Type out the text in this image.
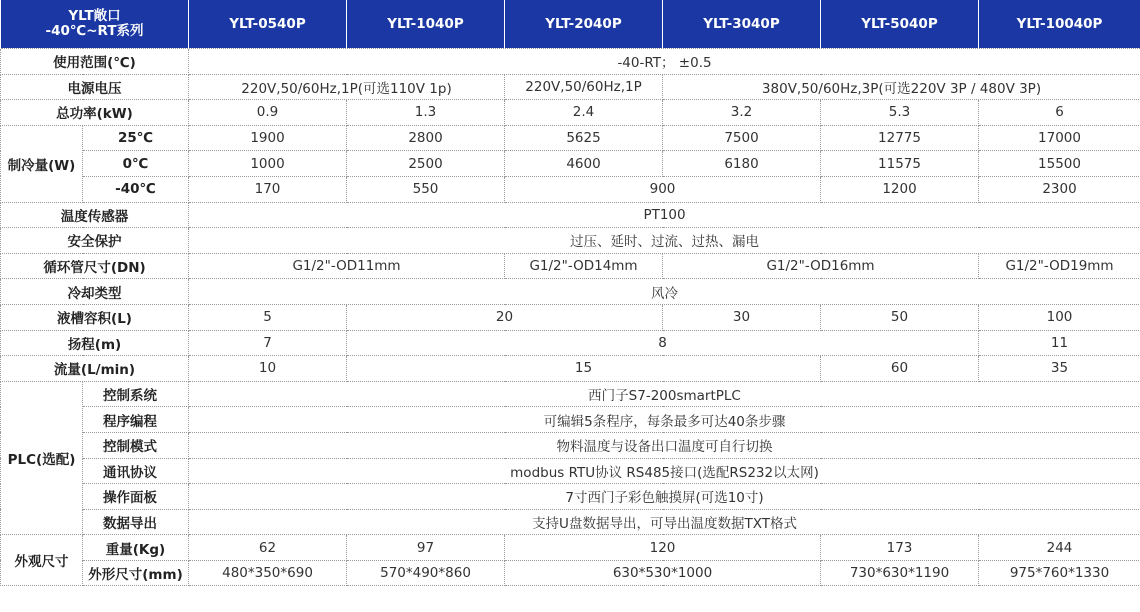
YLT敞口
-40℃~RT系列		YLT-0540P	YLT-1040P	YLT-2040P	YLT-3040P	YLT-5040P	YLT-10040P
使用范围(℃)		-40-RT； ±0.5					
电源电压		220V,50/60Hz,1P(可选110V 1p)		220V,50/60Hz,1P	380V,50/60Hz,3P(可选220V 3P / 480V 3P)		
总功率(kW)		0.9	1.3	2.4	3.2	5.3	6
制冷量(W)	25℃	1900	2800	5625	7500	12775	17000
	0℃	1000	2500	4600	6180	11575	15500
	-40℃	170	550	900		1200	2300
温度传感器		PT100					
安全保护		过压、延时、过流、过热、漏电					
循环管尺寸(DN)		G1/2"-OD11mm		G1/2"-OD14mm	G1/2"-OD16mm		G1/2"-OD19mm
冷却类型		风冷					
液槽容积(L)		5	20		30	50	100
扬程(m)		7	8				11
流量(L/min)		10	15			60	35
PLC(选配)	控制系统	西门子S7-200smartPLC					
	程序编程	可编辑5条程序，每条最多可达40条步骤					
	控制模式	物料温度与设备出口温度可自行切换					
	通讯协议	modbus RTU协议 RS485接口(选配RS232以太网)					
	操作面板	7寸西门子彩色触摸屏(可选10寸)					
	数据导出	支持U盘数据导出，可导出温度数据TXT格式					
外观尺寸	重量(Kg)	62	97	120		173	244
	外形尺寸(mm)	480*350*690	570*490*860	630*530*1000		730*630*1190	975*760*1330
